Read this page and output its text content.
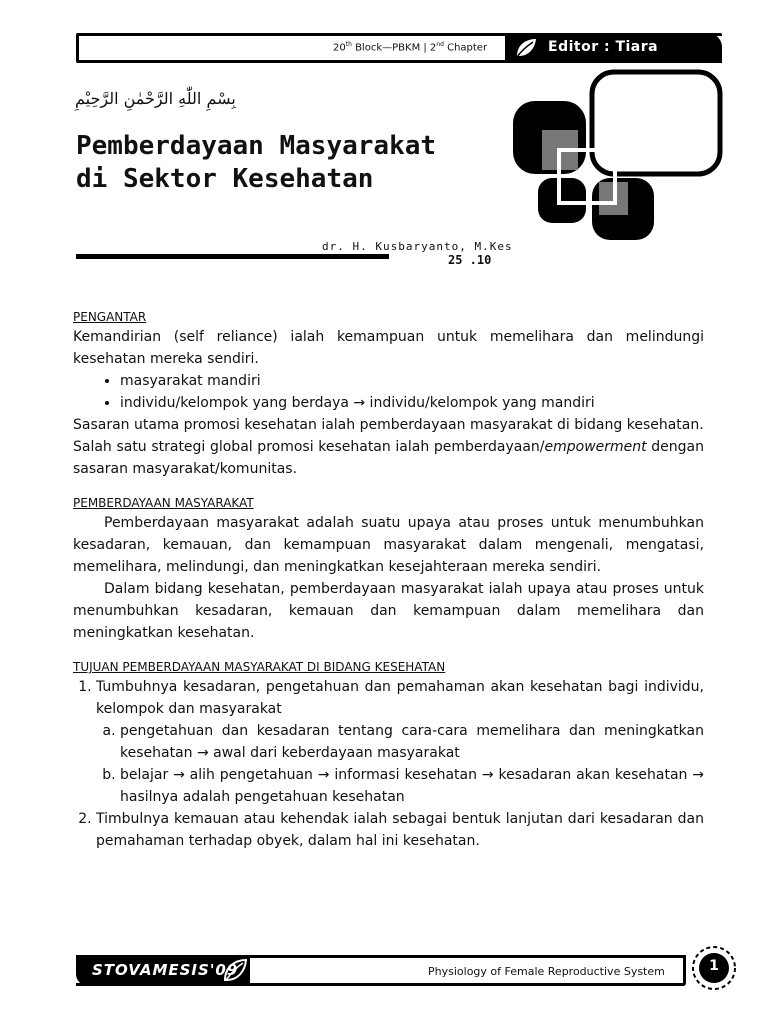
20th Block—PBKM | 2nd Chapter	Editor : Tiara
بِسْمِ اللّٰهِ الرَّحْمٰنِ الرَّحِيْمِ
Pemberdayaan Masyarakat
di Sektor Kesehatan
dr. H. Kusbaryanto, M.Kes
25 .10

PENGANTAR

Kemandirian (self reliance) ialah kemampuan untuk memelihara dan melindungi kesehatan mereka sendiri.

• masyarakat mandiri
• individu/kelompok yang berdaya → individu/kelompok yang mandiri

Sasaran utama promosi kesehatan ialah pemberdayaan masyarakat di bidang kesehatan.

Salah satu strategi global promosi kesehatan ialah pemberdayaan/empowerment dengan sasaran masyarakat/komunitas.

PEMBERDAYAAN MASYARAKAT

Pemberdayaan masyarakat adalah suatu upaya atau proses untuk menumbuhkan kesadaran, kemauan, dan kemampuan masyarakat dalam mengenali, mengatasi, memelihara, melindungi, dan meningkatkan kesejahteraan mereka sendiri.

Dalam bidang kesehatan, pemberdayaan masyarakat ialah upaya atau proses untuk menumbuhkan kesadaran, kemauan dan kemampuan dalam memelihara dan meningkatkan kesehatan.

TUJUAN PEMBERDAYAAN MASYARAKAT DI BIDANG KESEHATAN

1. Tumbuhnya kesadaran, pengetahuan dan pemahaman akan kesehatan bagi individu, kelompok dan masyarakat
a. pengetahuan dan kesadaran tentang cara-cara memelihara dan meningkatkan kesehatan → awal dari keberdayaan masyarakat
b. belajar → alih pengetahuan → informasi kesehatan → kesadaran akan kesehatan → hasilnya adalah pengetahuan kesehatan
2. Timbulnya kemauan atau kehendak ialah sebagai bentuk lanjutan dari kesadaran dan pemahaman terhadap obyek, dalam hal ini kesehatan.
STOVAMESIS'09	Physiology of Female Reproductive System	1
